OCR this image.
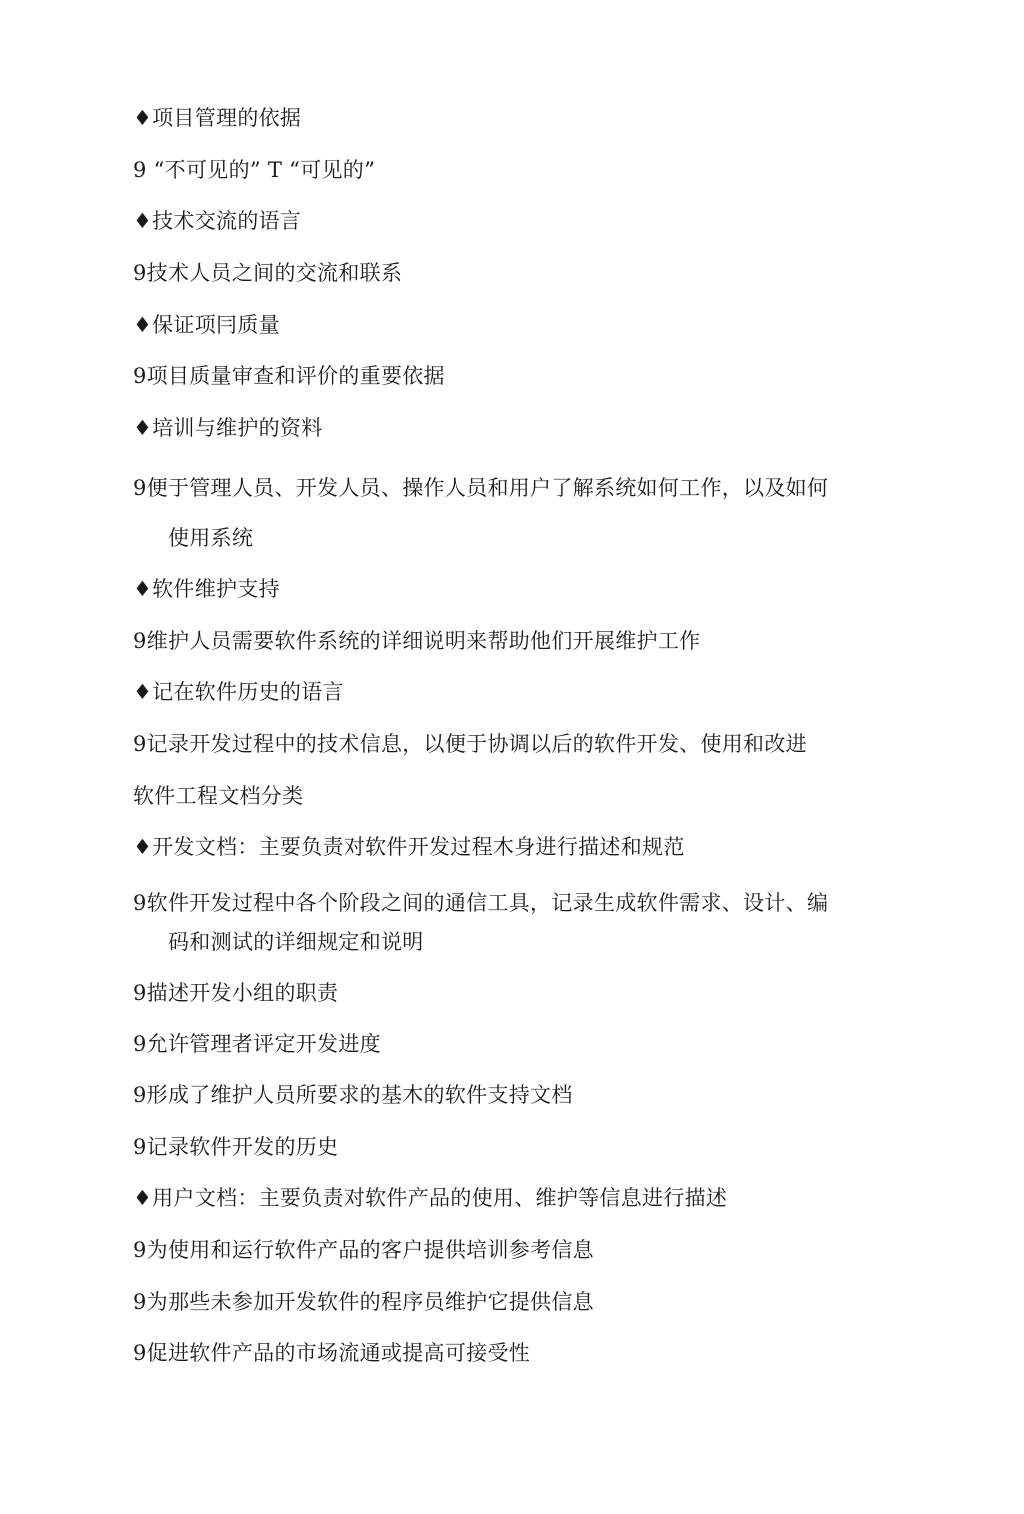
♦项目管理的依据
9 “不可见的” T “可见的”
♦技术交流的语言
9技术人员之间的交流和联系
♦保证项冃质量
9项目质量审查和评价的重要依据
♦培训与维护的资料
9便于管理人员、开发人员、操作人员和用户了解系统如何工作，以及如何
使用系统
♦软件维护支持
9维护人员需要软件系统的详细说明来帮助他们开展维护工作
♦记在软件历史的语言
9记录开发过程中的技术信息，以便于协调以后的软件开发、使用和改进
软件工程文档分类
♦开发文档：主要负责对软件开发过程木身进行描述和规范
9软件开发过程中各个阶段之间的通信工具，记录生成软件需求、设计、编
码和测试的详细规定和说明
9描述开发小组的职责
9允许管理者评定开发进度
9形成了维护人员所要求的基木的软件支持文档
9记录软件开发的历史
♦用户文档：主要负责对软件产品的使用、维护等信息进行描述
9为使用和运行软件产品的客户提供培训参考信息
9为那些未参加开发软件的程序员维护它提供信息
9促进软件产品的市场流通或提高可接受性
